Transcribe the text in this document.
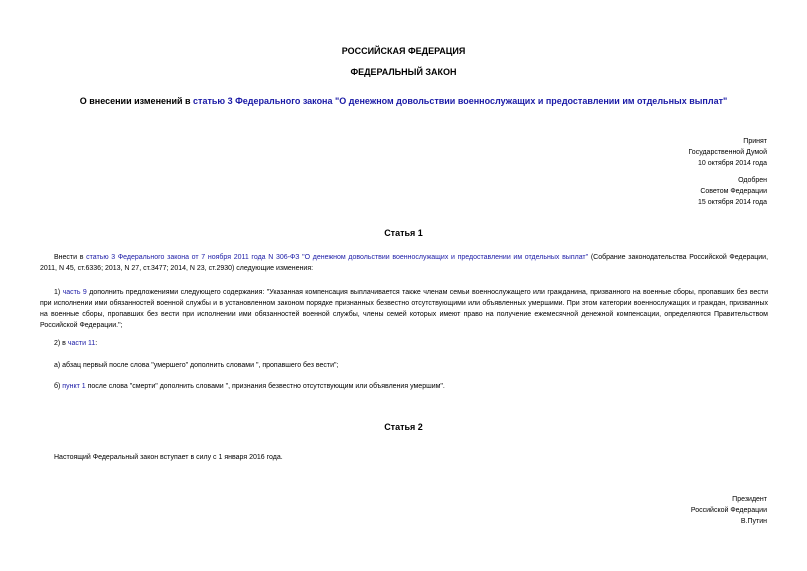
РОССИЙСКАЯ ФЕДЕРАЦИЯ
ФЕДЕРАЛЬНЫЙ ЗАКОН
О внесении изменений в статью 3 Федерального закона "О денежном довольствии военнослужащих и предоставлении им отдельных выплат"
Принят
Государственной Думой
10 октября 2014 года
Одобрен
Советом Федерации
15 октября 2014 года
Статья 1
Внести в статью 3 Федерального закона от 7 ноября 2011 года N 306-ФЗ "О денежном довольствии военнослужащих и предоставлении им отдельных выплат" (Собрание законодательства Российской Федерации, 2011, N 45, ст.6336; 2013, N 27, ст.3477; 2014, N 23, ст.2930) следующие изменения:
1) часть 9 дополнить предложениями следующего содержания: "Указанная компенсация выплачивается также членам семьи военнослужащего или гражданина, призванного на военные сборы, пропавших без вести при исполнении ими обязанностей военной службы и в установленном законом порядке признанных безвестно отсутствующими или объявленных умершими. При этом категории военнослужащих и граждан, призванных на военные сборы, пропавших без вести при исполнении ими обязанностей военной службы, члены семей которых имеют право на получение ежемесячной денежной компенсации, определяются Правительством Российской Федерации.";
2) в части 11:
а) абзац первый после слова "умершего" дополнить словами ", пропавшего без вести";
б) пункт 1 после слова "смерти" дополнить словами ", признания безвестно отсутствующим или объявления умершим".
Статья 2
Настоящий Федеральный закон вступает в силу с 1 января 2016 года.
Президент
Российской Федерации
В.Путин
